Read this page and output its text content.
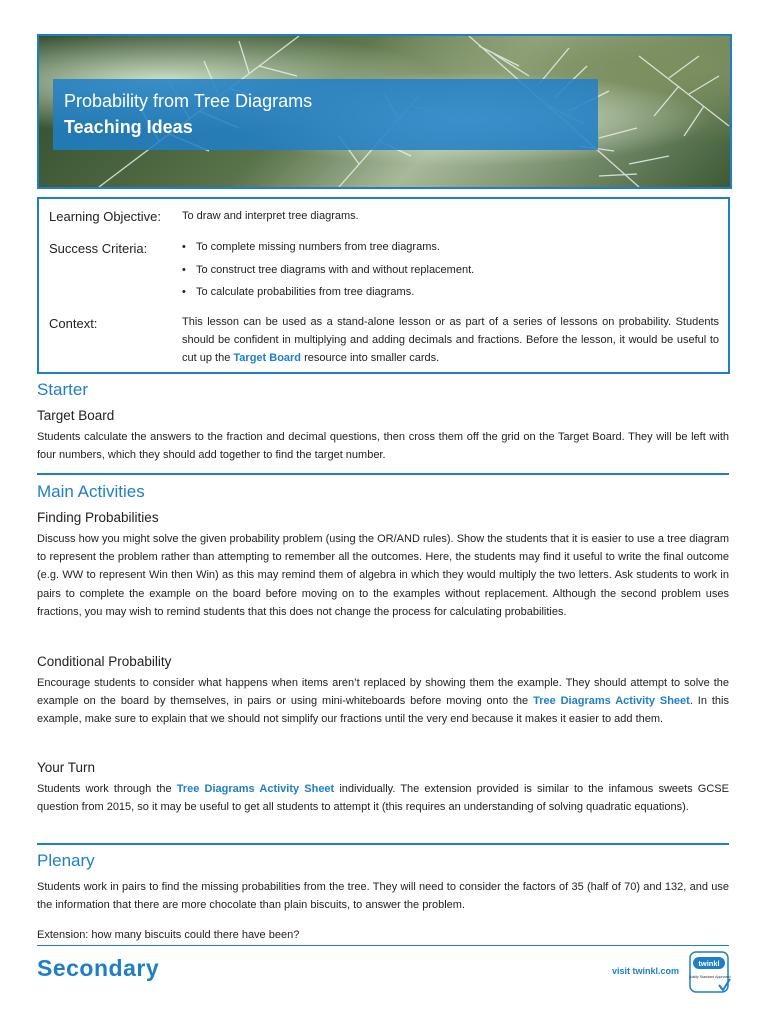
Probability from Tree Diagrams
Teaching Ideas
Learning Objective: To draw and interpret tree diagrams.
Success Criteria:	• To complete missing numbers from tree diagrams.
• To construct tree diagrams with and without replacement.
• To calculate probabilities from tree diagrams.
Context:	This lesson can be used as a stand-alone lesson or as part of a series of lessons on probability. Students should be confident in multiplying and adding decimals and fractions. Before the lesson, it would be useful to cut up the Target Board resource into smaller cards.
Starter
Target Board
Students calculate the answers to the fraction and decimal questions, then cross them off the grid on the Target Board. They will be left with four numbers, which they should add together to find the target number.
Main Activities
Finding Probabilities
Discuss how you might solve the given probability problem (using the OR/AND rules). Show the students that it is easier to use a tree diagram to represent the problem rather than attempting to remember all the outcomes. Here, the students may find it useful to write the final outcome (e.g. WW to represent Win then Win) as this may remind them of algebra in which they would multiply the two letters. Ask students to work in pairs to complete the example on the board before moving on to the examples without replacement. Although the second problem uses fractions, you may wish to remind students that this does not change the process for calculating probabilities.
Conditional Probability
Encourage students to consider what happens when items aren’t replaced by showing them the example. They should attempt to solve the example on the board by themselves, in pairs or using mini-whiteboards before moving onto the Tree Diagrams Activity Sheet. In this example, make sure to explain that we should not simplify our fractions until the very end because it makes it easier to add them.
Your Turn
Students work through the Tree Diagrams Activity Sheet individually. The extension provided is similar to the infamous sweets GCSE question from 2015, so it may be useful to get all students to attempt it (this requires an understanding of solving quadratic equations).
Plenary
Students work in pairs to find the missing probabilities from the tree. They will need to consider the factors of 35 (half of 70) and 132, and use the information that there are more chocolate than plain biscuits, to answer the problem.
Extension: how many biscuits could there have been?
Secondary	visit twinkl.com
twinkl
Quality Standard Approved
